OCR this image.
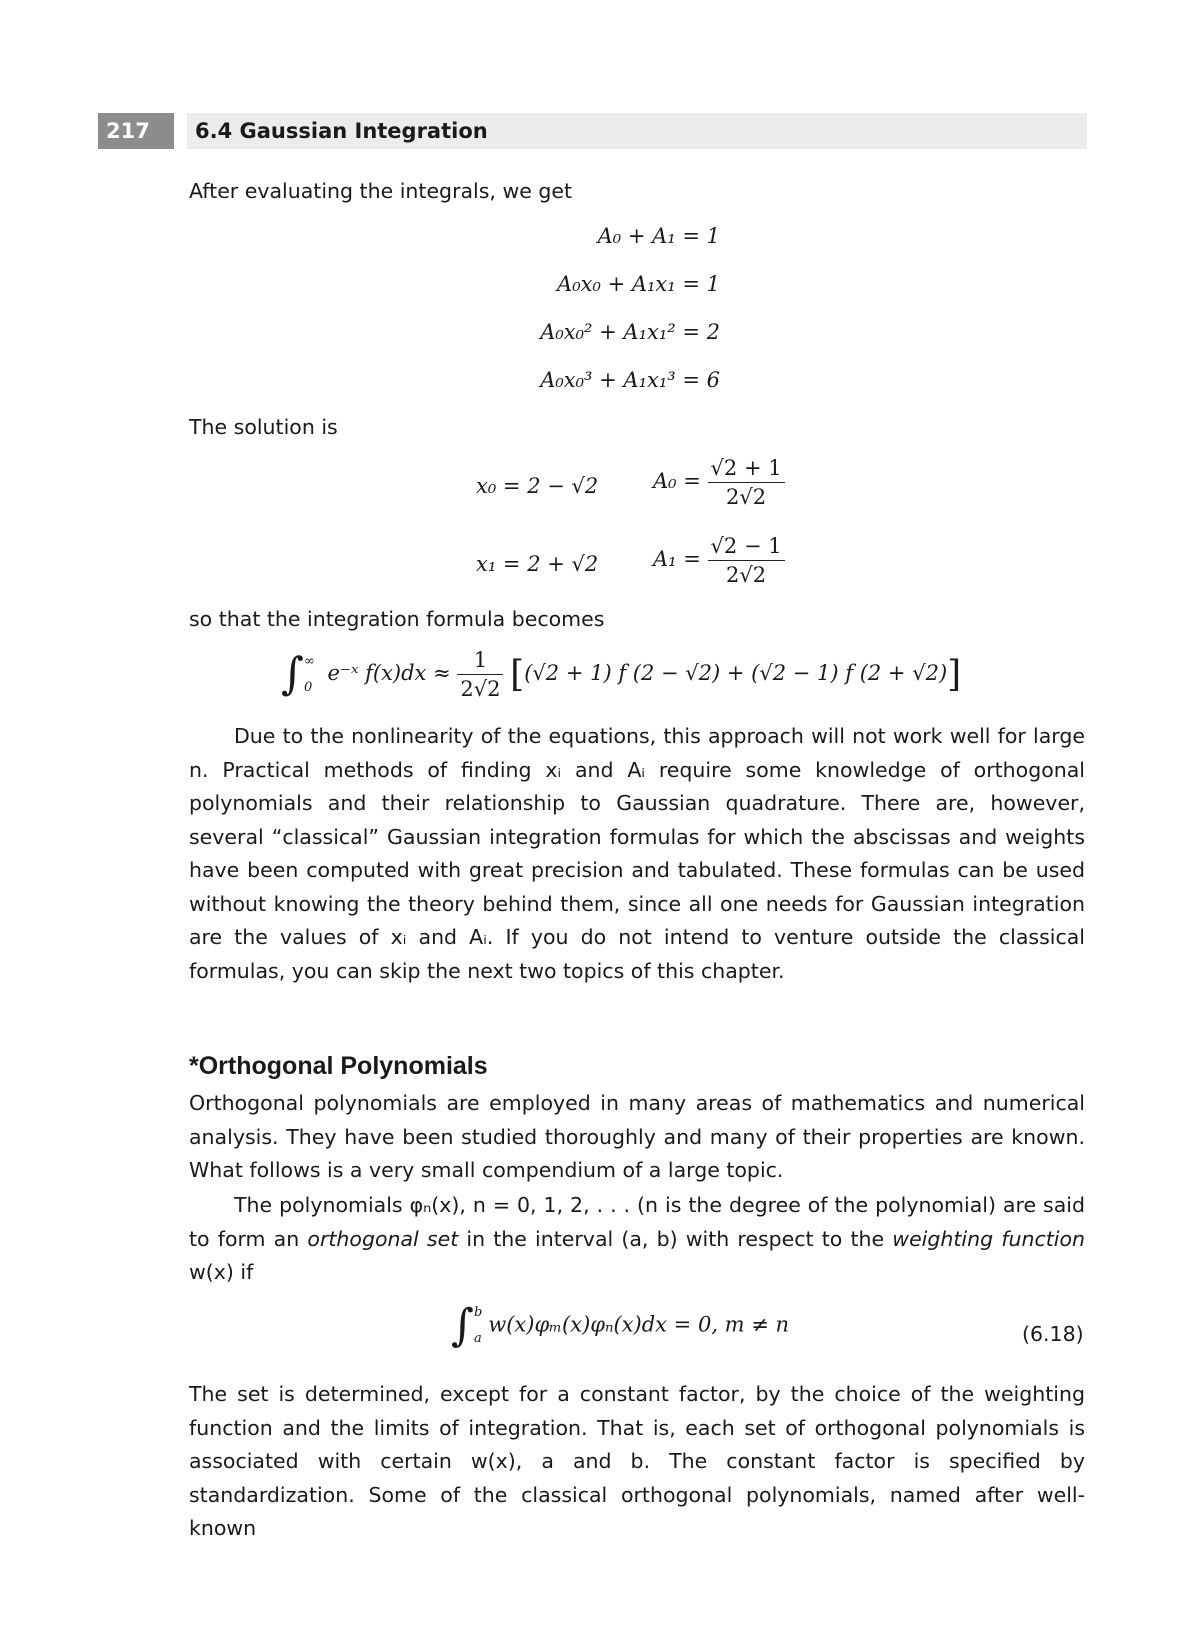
217	6.4 Gaussian Integration

After evaluating the integrals, we get

A₀ + A₁ = 1
A₀x₀ + A₁x₁ = 1
A₀x₀² + A₁x₁² = 2
A₀x₀³ + A₁x₁³ = 6

The solution is

x₀ = 2 − √2	$A_0 = \frac{√2 + 1}{2√2}$
x₁ = 2 + √2	$A_1 = \frac{√2 - 1}{2√2}$

so that the integration formula becomes

∫ ∞
0
e⁻ˣ $f(x)dx \approx \frac{1}{2√2} [(√2 + 1)$ f (2 − √2) + (√2 − 1) f (2 + √2)]

Due to the nonlinearity of the equations, this approach will not work well for large n. Practical methods of finding xᵢ and Aᵢ require some knowledge of orthogonal polynomials and their relationship to Gaussian quadrature. There are, however, several “classical” Gaussian integration formulas for which the abscissas and weights have been computed with great precision and tabulated. These formulas can be used without knowing the theory behind them, since all one needs for Gaussian integration are the values of xᵢ and Aᵢ. If you do not intend to venture outside the classical formulas, you can skip the next two topics of this chapter.

*Orthogonal Polynomials

Orthogonal polynomials are employed in many areas of mathematics and numerical analysis. They have been studied thoroughly and many of their properties are known. What follows is a very small compendium of a large topic.

The polynomials φₙ(x), n = 0, 1, 2, . . . (n is the degree of the polynomial) are said to form an orthogonal set in the interval (a, b) with respect to the weighting function w(x) if

∫ b
a
w(x)φₘ(x)φₙ(x)dx = 0, m ≠ n	(6.18)

The set is determined, except for a constant factor, by the choice of the weighting function and the limits of integration. That is, each set of orthogonal polynomials is associated with certain w(x), a and b. The constant factor is specified by standardization. Some of the classical orthogonal polynomials, named after well-known
